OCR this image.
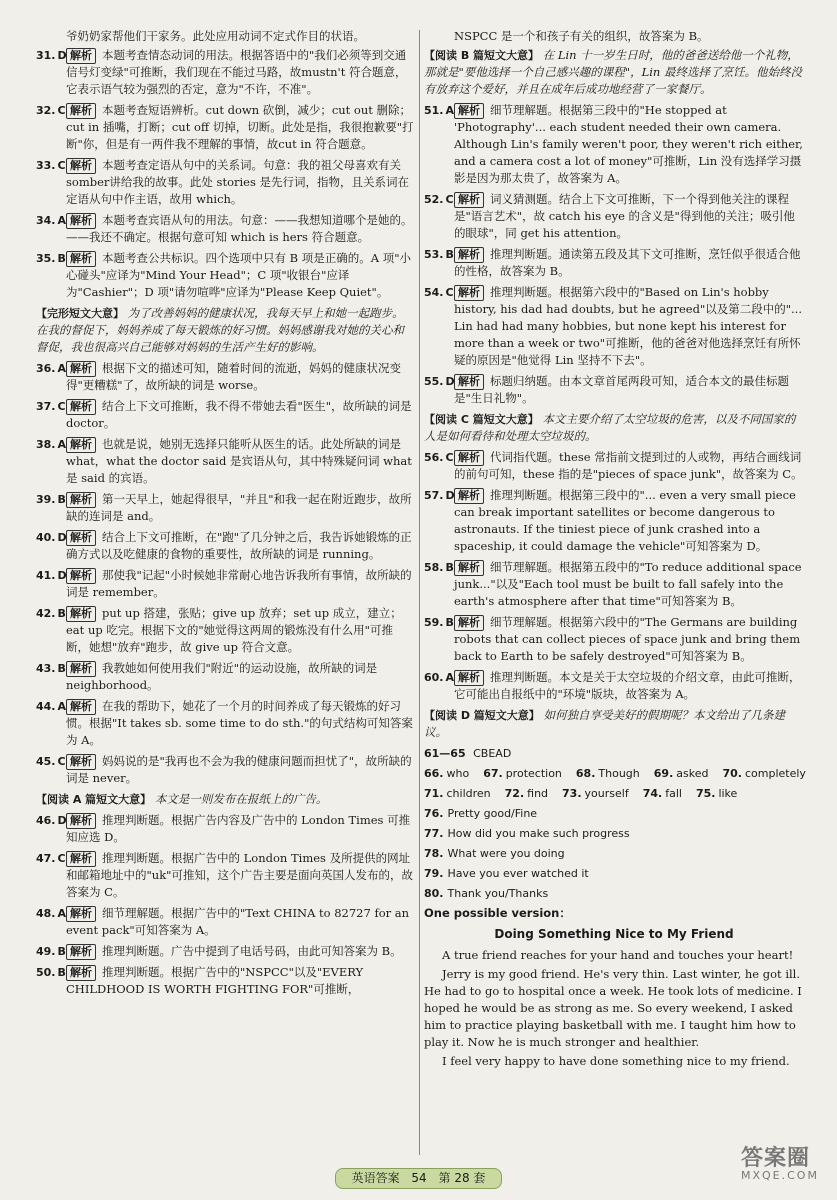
爷奶奶家帮他们干家务。此处应用动词不定式作目的状语。

31. D 解析 本题考查情态动词的用法。根据答语中的"我们必须等到交通信号灯变绿"可推断，我们现在不能过马路，故mustn't 符合题意，它表示语气较为强烈的否定，意为"不许，不准"。
32. C 解析 本题考查短语辨析。cut down 砍倒，减少；cut out 删除；cut in 插嘴，打断；cut off 切掉，切断。此处是指，我很抱歉要"打断"你，但是有一两件我不理解的事情，故cut in 符合题意。
33. C 解析 本题考查定语从句中的关系词。句意：我的祖父母喜欢有关somber讲给我的故事。此处 stories 是先行词，指物，且关系词在定语从句中作主语，故用 which。
34. A 解析 本题考查宾语从句的用法。句意：——我想知道哪个是她的。——我还不确定。根据句意可知 which is hers 符合题意。
35. B 解析 本题考查公共标识。四个选项中只有 B 项是正确的。A 项"小心碰头"应译为"Mind Your Head"；C 项"收银台"应译为"Cashier"；D 项"请勿喧哗"应译为"Please Keep Quiet"。
【完形短文大意】 为了改善妈妈的健康状况，我每天早上和她一起跑步。在我的督促下，妈妈养成了每天锻炼的好习惯。妈妈感谢我对她的关心和督促，我也很高兴自己能够对妈妈的生活产生好的影响。
36. A 解析 根据下文的描述可知，随着时间的流逝，妈妈的健康状况变得"更糟糕"了，故所缺的词是 worse。
37. C 解析 结合上下文可推断，我不得不带她去看"医生"，故所缺的词是 doctor。
38. A 解析 也就是说，她别无选择只能听从医生的话。此处所缺的词是 what，what the doctor said 是宾语从句，其中特殊疑问词 what 是 said 的宾语。
39. B 解析 第一天早上，她起得很早，"并且"和我一起在附近跑步，故所缺的连词是 and。
40. D 解析 结合上下文可推断，在"跑"了几分钟之后，我告诉她锻炼的正确方式以及吃健康的食物的重要性，故所缺的词是 running。
41. D 解析 那使我"记起"小时候她非常耐心地告诉我所有事情，故所缺的词是 remember。
42. B 解析 put up 搭建，张贴；give up 放弃；set up 成立，建立；eat up 吃完。根据下文的"她觉得这两周的锻炼没有什么用"可推断，她想"放弃"跑步，故 give up 符合文意。
43. B 解析 我教她如何使用我们"附近"的运动设施，故所缺的词是 neighborhood。
44. A 解析 在我的帮助下，她花了一个月的时间养成了每天锻炼的好习惯。根据"It takes sb. some time to do sth."的句式结构可知答案为 A。
45. C 解析 妈妈说的是"我再也不会为我的健康问题而担忧了"，故所缺的词是 never。
【阅读 A 篇短文大意】 本文是一则发布在报纸上的广告。
46. D 解析 推理判断题。根据广告内容及广告中的 London Times 可推知应选 D。
47. C 解析 推理判断题。根据广告中的 London Times 及所提供的网址和邮箱地址中的"uk"可推知，这个广告主要是面向英国人发布的，故答案为 C。
48. A 解析 细节理解题。根据广告中的"Text CHINA to 82727 for an event pack"可知答案为 A。
49. B 解析 推理判断题。广告中提到了电话号码，由此可知答案为 B。
50. B 解析 推理判断题。根据广告中的"NSPCC"以及"EVERY CHILDHOOD IS WORTH FIGHTING FOR"可推断，

NSPCC 是一个和孩子有关的组织，故答案为 B。

【阅读 B 篇短文大意】 在 Lin 十一岁生日时，他的爸爸送给他一个礼物，那就是"要他选择一个自己感兴趣的课程"，Lin 最终选择了烹饪。他始终没有放弃这个爱好，并且在成年后成功地经营了一家餐厅。
51. A 解析 细节理解题。根据第三段中的"He stopped at 'Photography'... each student needed their own camera. Although Lin's family weren't poor, they weren't rich either, and a camera cost a lot of money"可推断，Lin 没有选择学习摄影是因为那太贵了，故答案为 A。
52. C 解析 词义猜测题。结合上下文可推断，下一个得到他关注的课程是"语言艺术"，故 catch his eye 的含义是"得到他的关注；吸引他的眼球"，同 get his attention。
53. B 解析 推理判断题。通读第五段及其下文可推断，烹饪似乎很适合他的性格，故答案为 B。
54. C 解析 推理判断题。根据第六段中的"Based on Lin's hobby history, his dad had doubts, but he agreed"以及第二段中的"... Lin had had many hobbies, but none kept his interest for more than a week or two"可推断，他的爸爸对他选择烹饪有所怀疑的原因是"他觉得 Lin 坚持不下去"。
55. D 解析 标题归纳题。由本文章首尾两段可知，适合本文的最佳标题是"生日礼物"。
【阅读 C 篇短文大意】 本文主要介绍了太空垃圾的危害，以及不同国家的人是如何看待和处理太空垃圾的。
56. C 解析 代词指代题。these 常指前文提到过的人或物，再结合画线词的前句可知，these 指的是"pieces of space junk"，故答案为 C。
57. D 解析 推理判断题。根据第三段中的"... even a very small piece can break important satellites or become dangerous to astronauts. If the tiniest piece of junk crashed into a spaceship, it could damage the vehicle"可知答案为 D。
58. B 解析 细节理解题。根据第五段中的"To reduce additional space junk..."以及"Each tool must be built to fall safely into the earth's atmosphere after that time"可知答案为 B。
59. B 解析 细节理解题。根据第六段中的"The Germans are building robots that can collect pieces of space junk and bring them back to Earth to be safely destroyed"可知答案为 B。
60. A 解析 推理判断题。本文是关于太空垃圾的介绍文章，由此可推断，它可能出自报纸中的"环境"版块，故答案为 A。
【阅读 D 篇短文大意】 如何独自享受美好的假期呢？本文给出了几条建议。
61—65 CBEAD
66. who 67. protection 68. Though 69. asked 70. completely
71. children 72. find 73. yourself 74. fall 75. like
76. Pretty good/Fine
77. How did you make such progress
78. What were you doing
79. Have you ever watched it
80. Thank you/Thanks
One possible version：
Doing Something Nice to My Friend

A true friend reaches for your hand and touches your heart!

Jerry is my good friend. He's very thin. Last winter, he got ill. He had to go to hospital once a week. He took lots of medicine. I hoped he would be as strong as me. So every weekend, I asked him to practice playing basketball with me. I taught him how to play it. Now he is much stronger and healthier.

I feel very happy to have done something nice to my friend.

英语答案 54 第 28 套
答案圈
MXQE.COM
